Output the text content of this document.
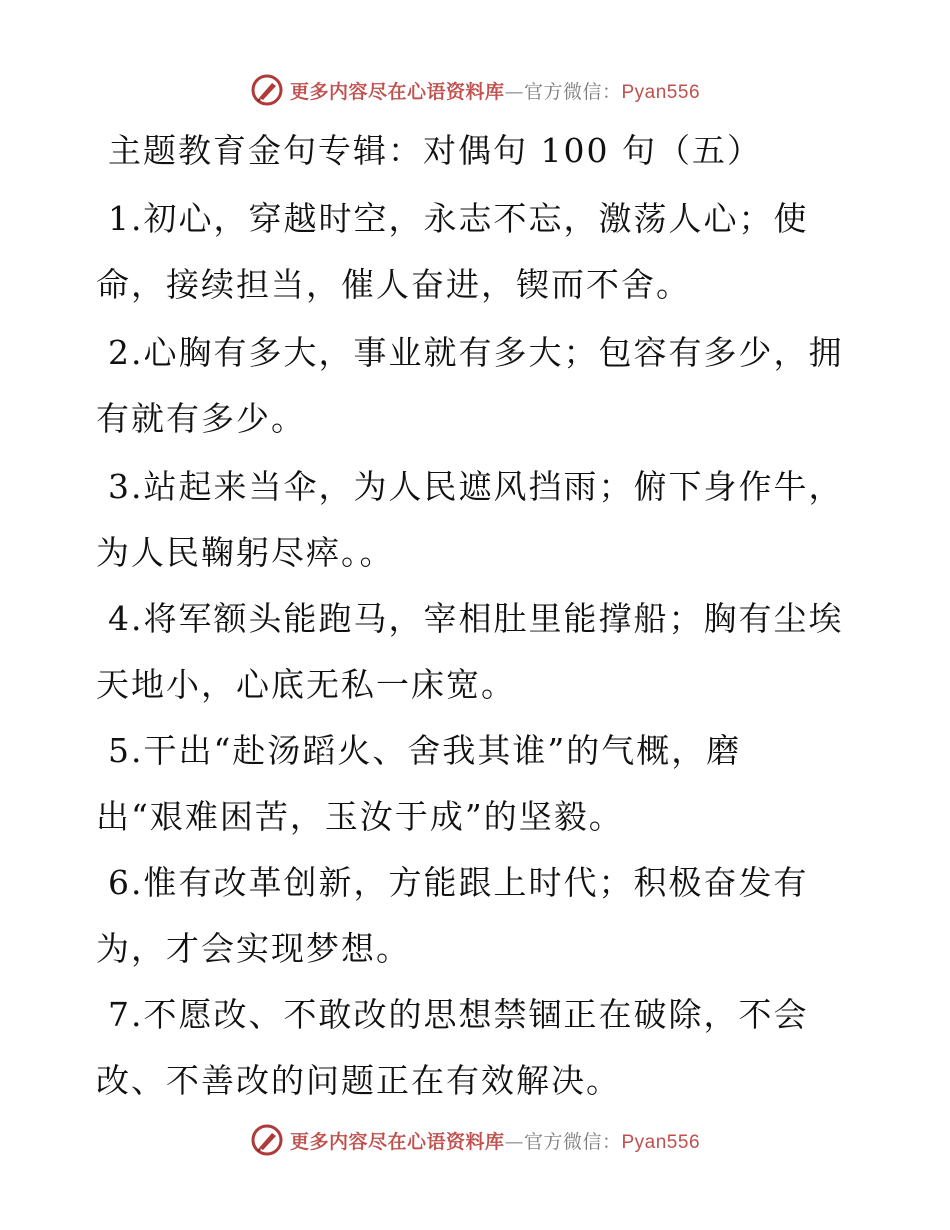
更多内容尽在心语资料库—官方微信：Pyan556
主题教育金句专辑：对偶句 100 句（五）
1.初心，穿越时空，永志不忘，激荡人心；使
命，接续担当，催人奋进，锲而不舍。
2.心胸有多大，事业就有多大；包容有多少，拥
有就有多少。
3.站起来当伞，为人民遮风挡雨；俯下身作牛，
为人民鞠躬尽瘁。。
4.将军额头能跑马，宰相肚里能撑船；胸有尘埃
天地小，心底无私一床宽。
5.干出“赴汤蹈火、舍我其谁”的气概，磨
出“艰难困苦，玉汝于成”的坚毅。
6.惟有改革创新，方能跟上时代；积极奋发有
为，才会实现梦想。
7.不愿改、不敢改的思想禁锢正在破除，不会
改、不善改的问题正在有效解决。
更多内容尽在心语资料库—官方微信：Pyan556
